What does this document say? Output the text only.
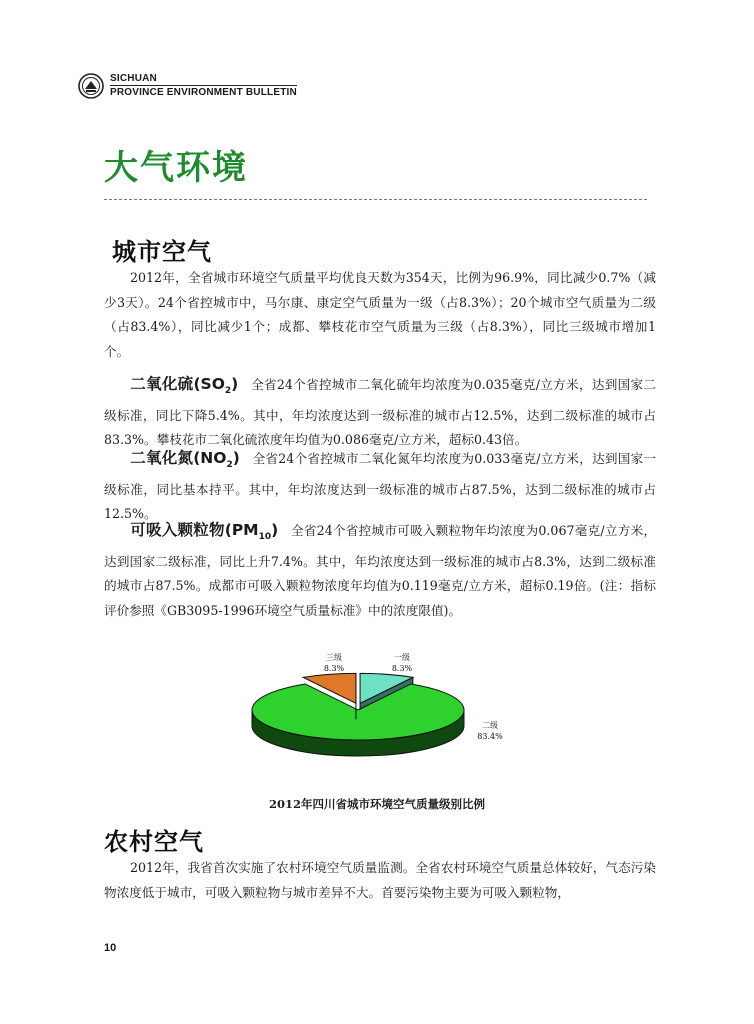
SICHUAN
PROVINCE ENVIRONMENT BULLETIN
大气环境
城市空气
2012年，全省城市环境空气质量平均优良天数为354天，比例为96.9%，同比减少0.7%（减少3天）。24个省控城市中，马尔康、康定空气质量为一级（占8.3%）；20个城市空气质量为二级（占83.4%），同比减少1个；成都、攀枝花市空气质量为三级（占8.3%），同比三级城市增加1个。
二氧化硫$(SO_2)$ 全省24个省控城市二氧化硫年均浓度为0.035毫克/立方米，达到国家二级标准，同比下降5.4%。其中，年均浓度达到一级标准的城市占12.5%，达到二级标准的城市占83.3%。攀枝花市二氧化硫浓度年均值为0.086毫克/立方米，超标0.43倍。
二氧化氮$(NO_2)$ 全省24个省控城市二氧化氮年均浓度为0.033毫克/立方米，达到国家一级标准，同比基本持平。其中，年均浓度达到一级标准的城市占87.5%，达到二级标准的城市占12.5%。
可吸入颗粒物$(PM_{10})$ 全省24个省控城市可吸入颗粒物年均浓度为0.067毫克/立方米，达到国家二级标准，同比上升7.4%。其中，年均浓度达到一级标准的城市占8.3%，达到二级标准的城市占87.5%。成都市可吸入颗粒物浓度年均值为0.119毫克/立方米，超标0.19倍。(注：指标评价参照《GB3095-1996环境空气质量标准》中的浓度限值)。
一级
8.3%
二级
83.4%
三级
8.3%
2012年四川省城市环境空气质量级别比例
农村空气
2012年，我省首次实施了农村环境空气质量监测。全省农村环境空气质量总体较好，气态污染物浓度低于城市，可吸入颗粒物与城市差异不大。首要污染物主要为可吸入颗粒物，
10
